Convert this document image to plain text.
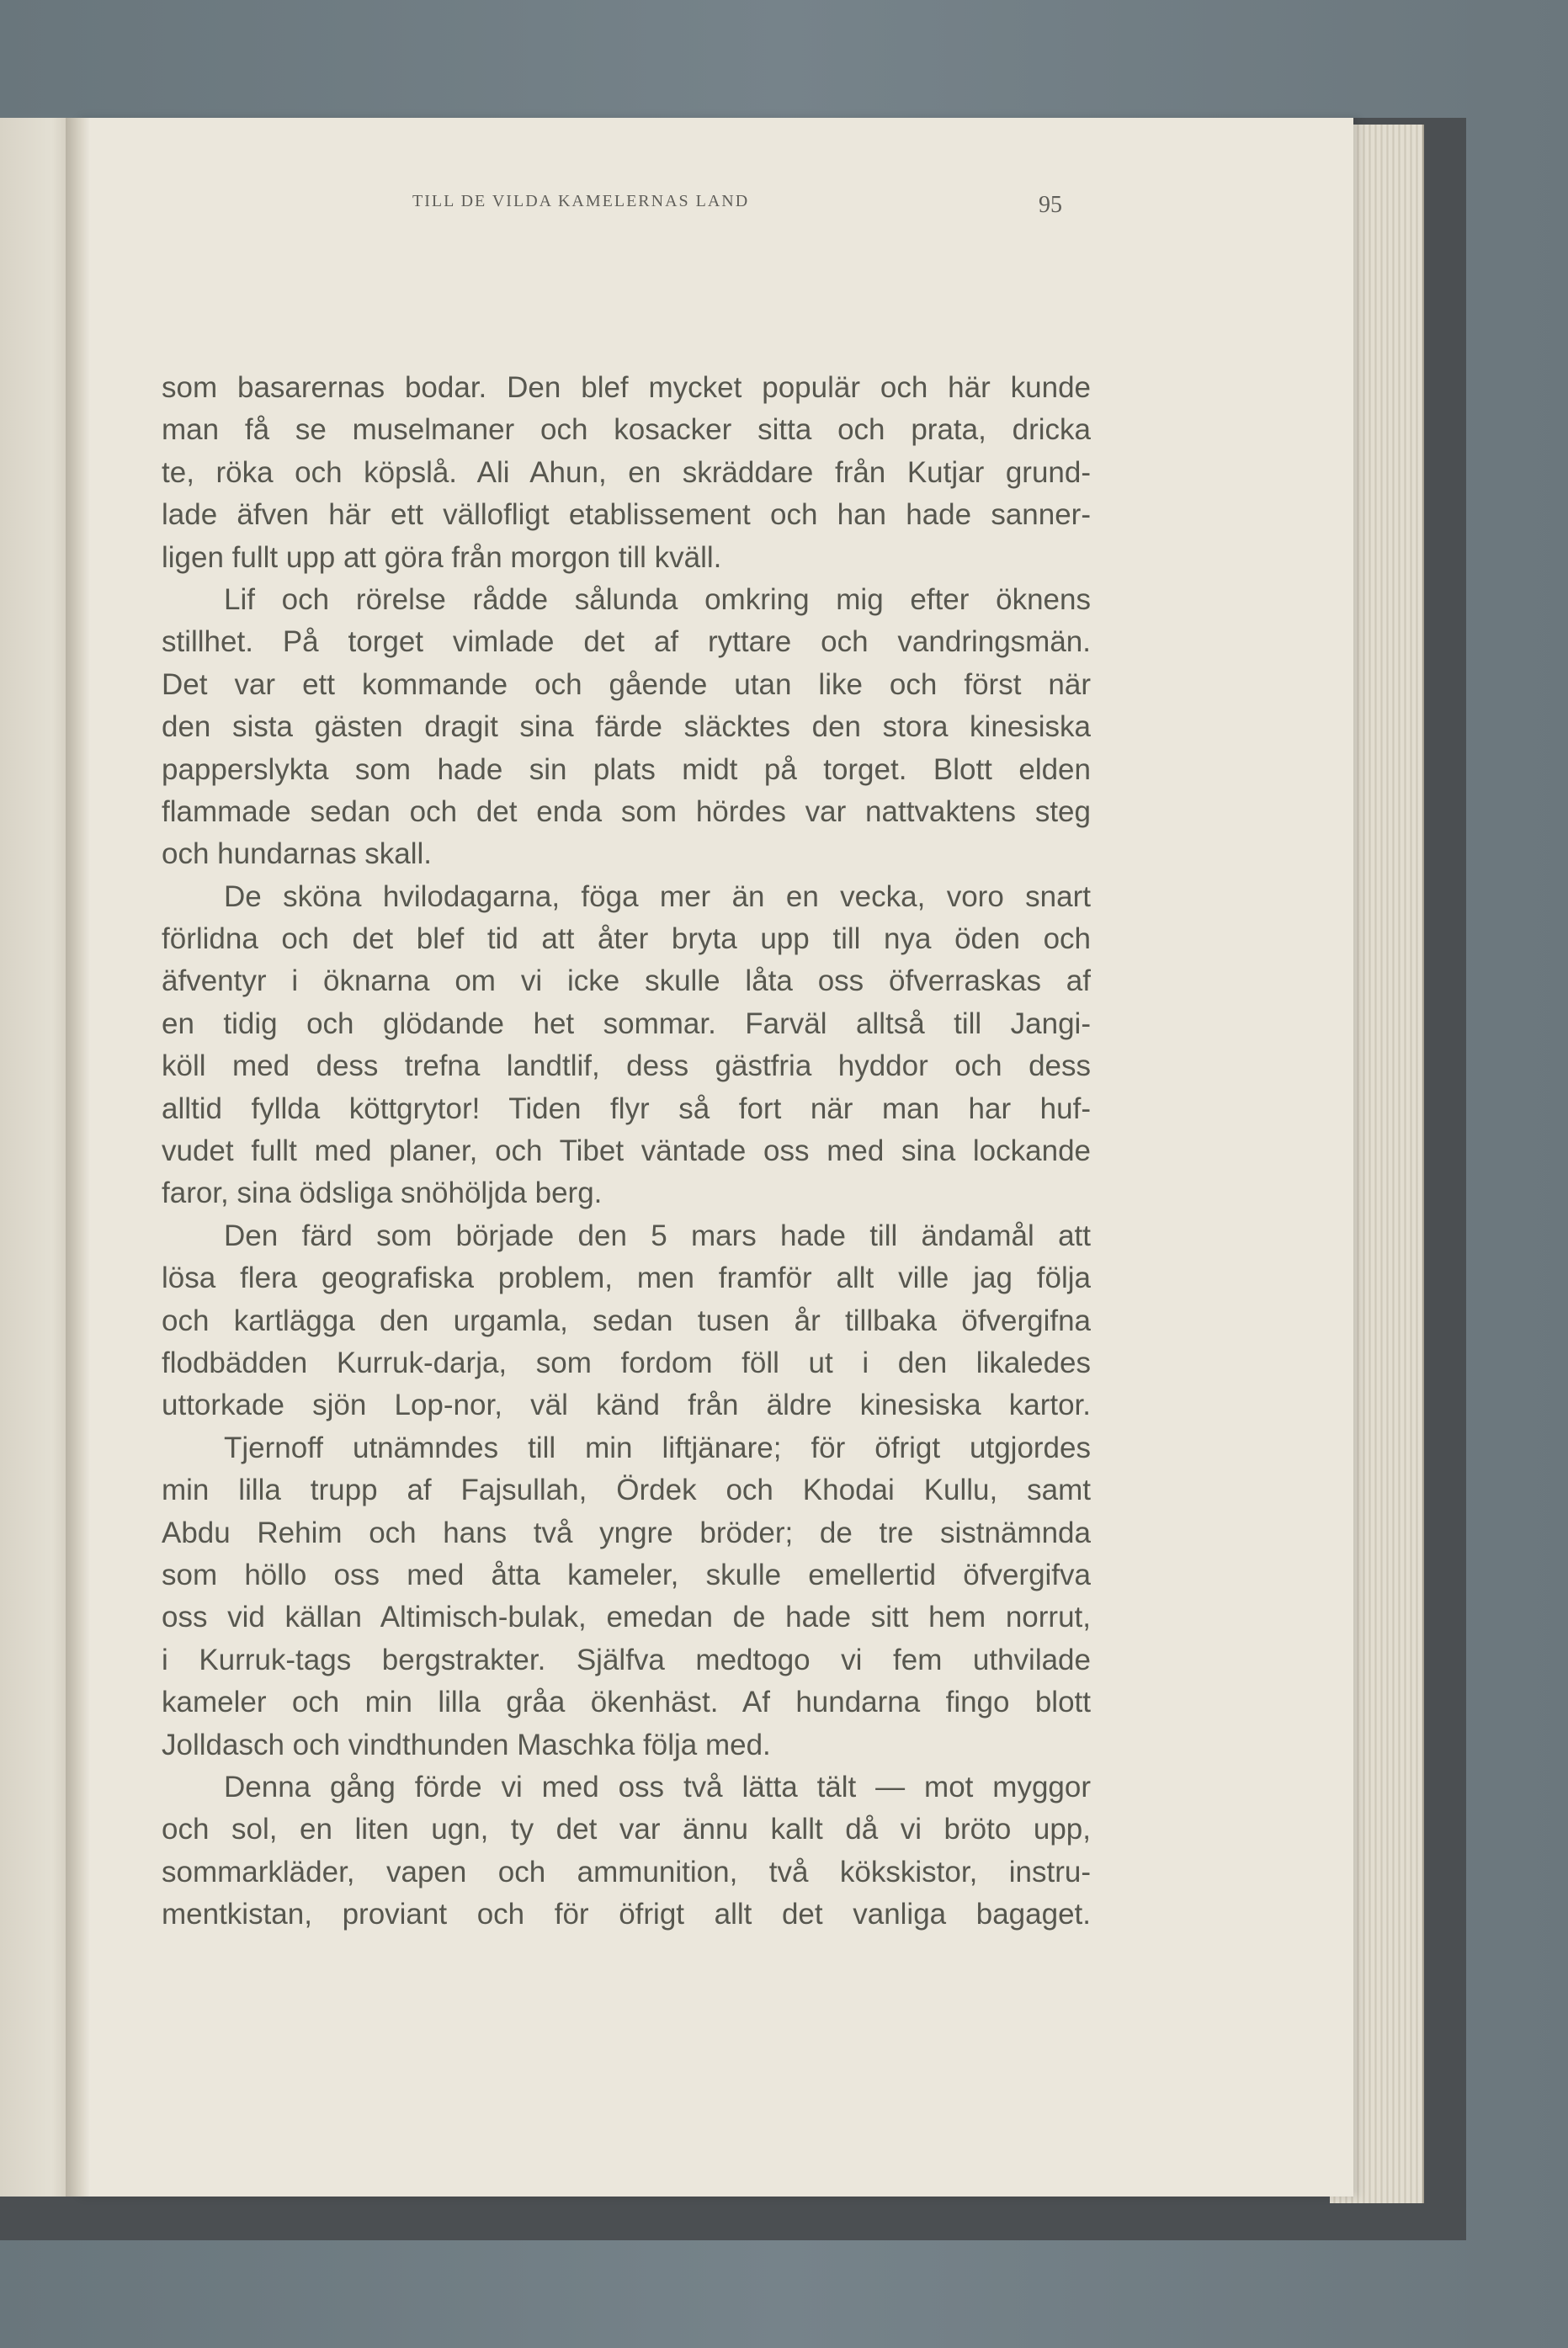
TILL DE VILDA KAMELERNAS LAND	95
som basarernas bodar. Den blef mycket populär och här kunde
man få se muselmaner och kosacker sitta och prata, dricka
te, röka och köpslå. Ali Ahun, en skräddare från Kutjar grund-
lade äfven här ett vällofligt etablissement och han hade sanner-
ligen fullt upp att göra från morgon till kväll.
Lif och rörelse rådde sålunda omkring mig efter öknens
stillhet. På torget vimlade det af ryttare och vandringsmän.
Det var ett kommande och gående utan like och först när
den sista gästen dragit sina färde släcktes den stora kinesiska
papperslykta som hade sin plats midt på torget. Blott elden
flammade sedan och det enda som hördes var nattvaktens steg
och hundarnas skall.
De sköna hvilodagarna, föga mer än en vecka, voro snart
förlidna och det blef tid att åter bryta upp till nya öden och
äfventyr i öknarna om vi icke skulle låta oss öfverraskas af
en tidig och glödande het sommar. Farväl alltså till Jangi-
köll med dess trefna landtlif, dess gästfria hyddor och dess
alltid fyllda köttgrytor! Tiden flyr så fort när man har huf-
vudet fullt med planer, och Tibet väntade oss med sina lockande
faror, sina ödsliga snöhöljda berg.
Den färd som började den 5 mars hade till ändamål att
lösa flera geografiska problem, men framför allt ville jag följa
och kartlägga den urgamla, sedan tusen år tillbaka öfvergifna
flodbädden Kurruk-darja, som fordom föll ut i den likaledes
uttorkade sjön Lop-nor, väl känd från äldre kinesiska kartor.
Tjernoff utnämndes till min liftjänare; för öfrigt utgjordes
min lilla trupp af Fajsullah, Ördek och Khodai Kullu, samt
Abdu Rehim och hans två yngre bröder; de tre sistnämnda
som höllo oss med åtta kameler, skulle emellertid öfvergifva
oss vid källan Altimisch-bulak, emedan de hade sitt hem norrut,
i Kurruk-tags bergstrakter. Själfva medtogo vi fem uthvilade
kameler och min lilla gråa ökenhäst. Af hundarna fingo blott
Jolldasch och vindthunden Maschka följa med.
Denna gång förde vi med oss två lätta tält — mot myggor
och sol, en liten ugn, ty det var ännu kallt då vi bröto upp,
sommarkläder, vapen och ammunition, två kökskistor, instru-
mentkistan, proviant och för öfrigt allt det vanliga bagaget.
